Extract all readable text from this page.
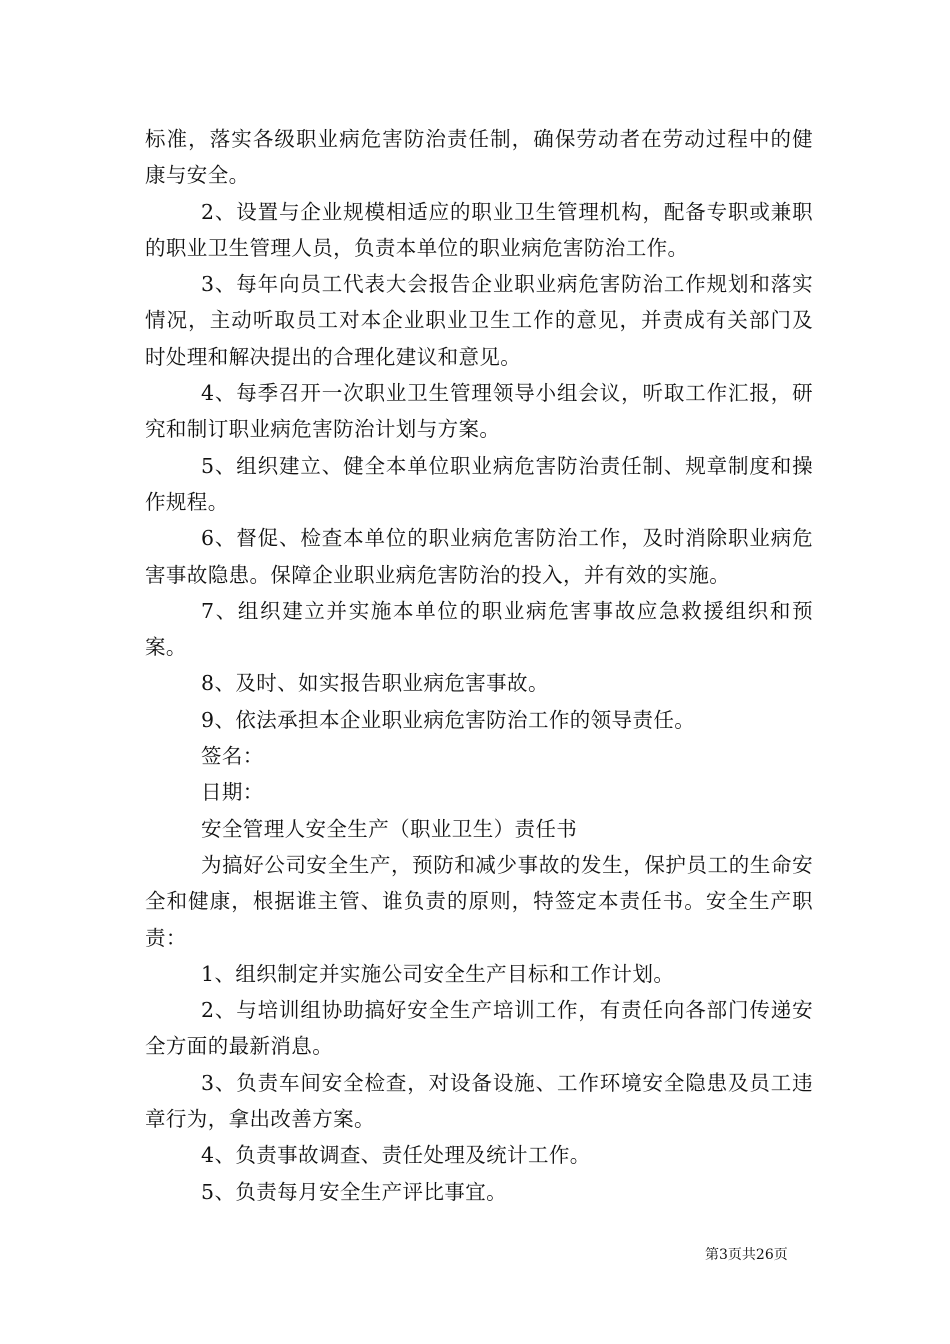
标准，落实各级职业病危害防治责任制，确保劳动者在劳动过程中的健康与安全。

2、设置与企业规模相适应的职业卫生管理机构，配备专职或兼职的职业卫生管理人员，负责本单位的职业病危害防治工作。

3、每年向员工代表大会报告企业职业病危害防治工作规划和落实情况，主动听取员工对本企业职业卫生工作的意见，并责成有关部门及时处理和解决提出的合理化建议和意见。

4、每季召开一次职业卫生管理领导小组会议，听取工作汇报，研究和制订职业病危害防治计划与方案。

5、组织建立、健全本单位职业病危害防治责任制、规章制度和操作规程。

6、督促、检查本单位的职业病危害防治工作，及时消除职业病危害事故隐患。保障企业职业病危害防治的投入，并有效的实施。

7、组织建立并实施本单位的职业病危害事故应急救援组织和预案。

8、及时、如实报告职业病危害事故。

9、依法承担本企业职业病危害防治工作的领导责任。

签名：

日期：

安全管理人安全生产（职业卫生）责任书

为搞好公司安全生产，预防和减少事故的发生，保护员工的生命安全和健康，根据谁主管、谁负责的原则，特签定本责任书。安全生产职责：

1、组织制定并实施公司安全生产目标和工作计划。

2、与培训组协助搞好安全生产培训工作，有责任向各部门传递安全方面的最新消息。

3、负责车间安全检查，对设备设施、工作环境安全隐患及员工违章行为，拿出改善方案。

4、负责事故调查、责任处理及统计工作。

5、负责每月安全生产评比事宜。

第3页共26页
